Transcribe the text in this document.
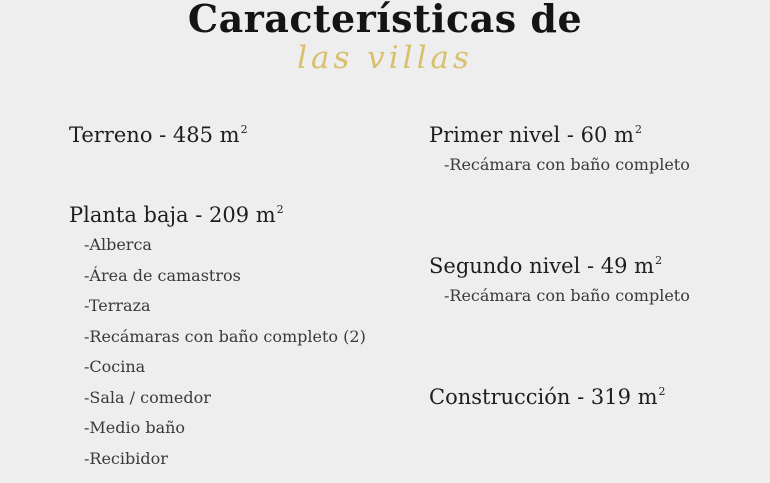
Características de
las villas
Terreno - 485 $m^2$
Planta baja - 209 $m^2$
-Alberca
-Área de camastros
-Terraza
-Recámaras con baño completo (2)
-Cocina
-Sala / comedor
-Medio baño
-Recibidor
Primer nivel - 60 $m^2$
-Recámara con baño completo
Segundo nivel - 49 $m^2$
-Recámara con baño completo
Construcción - 319 $m^2$
